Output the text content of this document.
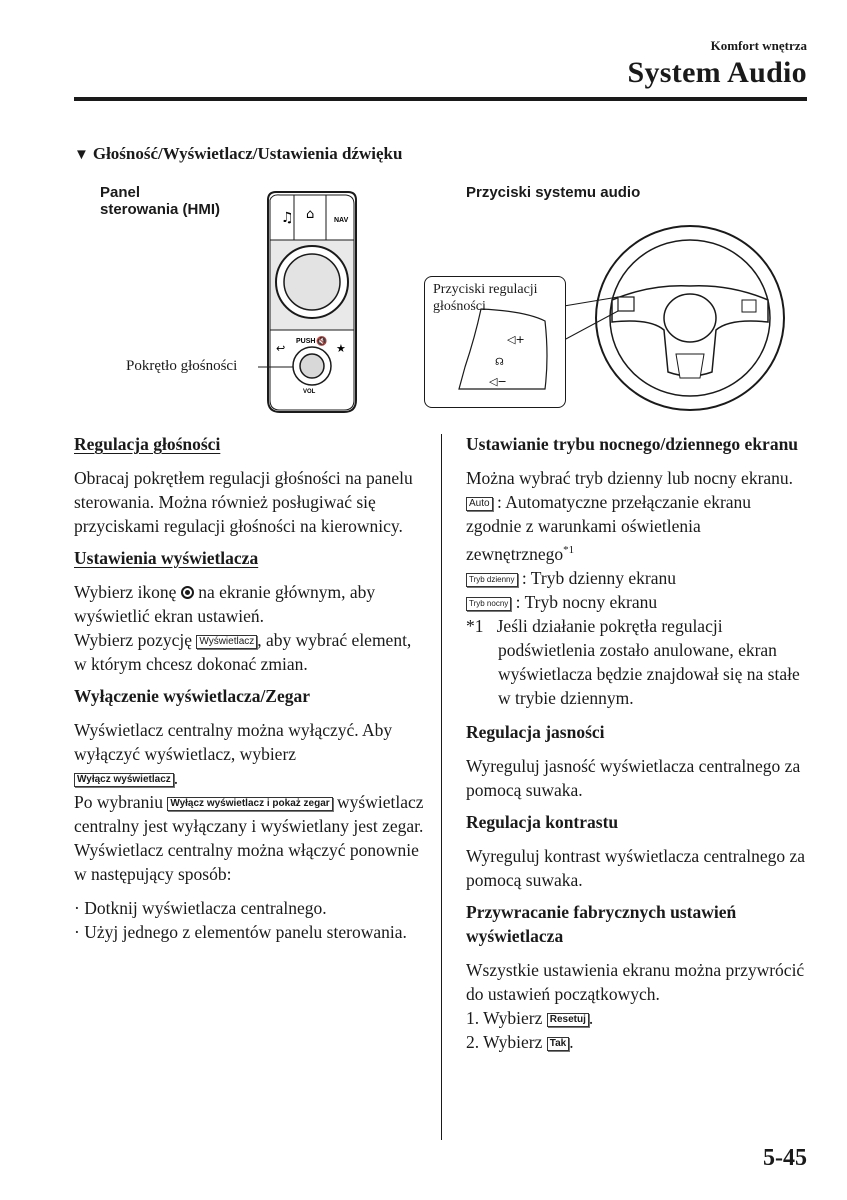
Komfort wnętrza
System Audio
▼ Głośność/Wyświetlacz/Ustawienia dźwięku
♫ ⌂	NAV
PUSH 🔇
↩	★
VOL
Panel
sterowania (HMI)
Pokrętło głośności
Przyciski systemu audio
◁+
☊
◁−
Przyciski regulacji
głośności
Regulacja głośności

Obracaj pokrętłem regulacji głośności na panelu sterowania. Można również posługiwać się przyciskami regulacji głośności na kierownicy.

Ustawienia wyświetlacza
Wybierz ikonę na ekranie głównym, aby wyświetlić ekran ustawień.
Wybierz pozycję Wyświetlacz , aby wybrać element, w którym chcesz dokonać zmian.
Wyłączenie wyświetlacza/Zegar
Wyświetlacz centralny można wyłączyć. Aby wyłączyć wyświetlacz, wybierz
Wyłącz wyświetlacz .
Po wybraniu Wyłącz wyświetlacz i pokaż zegar wyświetlacz centralny jest wyłączany i wyświetlany jest zegar.
Wyświetlacz centralny można włączyć ponownie w następujący sposób:

· Dotknij wyświetlacza centralnego.

· Użyj jednego z elementów panelu sterowania.

Ustawianie trybu nocnego/dziennego ekranu
Można wybrać tryb dzienny lub nocny ekranu.
Auto : Automatyczne przełączanie ekranu zgodnie z warunkami oświetlenia zewnętrznego$^{*1}$
Tryb dzienny : Tryb dzienny ekranu
Tryb nocny : Tryb nocny ekranu

*1 Jeśli działanie pokrętła regulacji podświetlenia zostało anulowane, ekran wyświetlacza będzie znajdował się na stałe w trybie dziennym.

Regulacja jasności

Wyreguluj jasność wyświetlacza centralnego za pomocą suwaka.

Regulacja kontrastu

Wyreguluj kontrast wyświetlacza centralnego za pomocą suwaka.

Przywracanie fabrycznych ustawień wyświetlacza
Wszystkie ustawienia ekranu można przywrócić do ustawień początkowych.

1. Wybierz Resetuj .

2. Wybierz Tak .

5-45
